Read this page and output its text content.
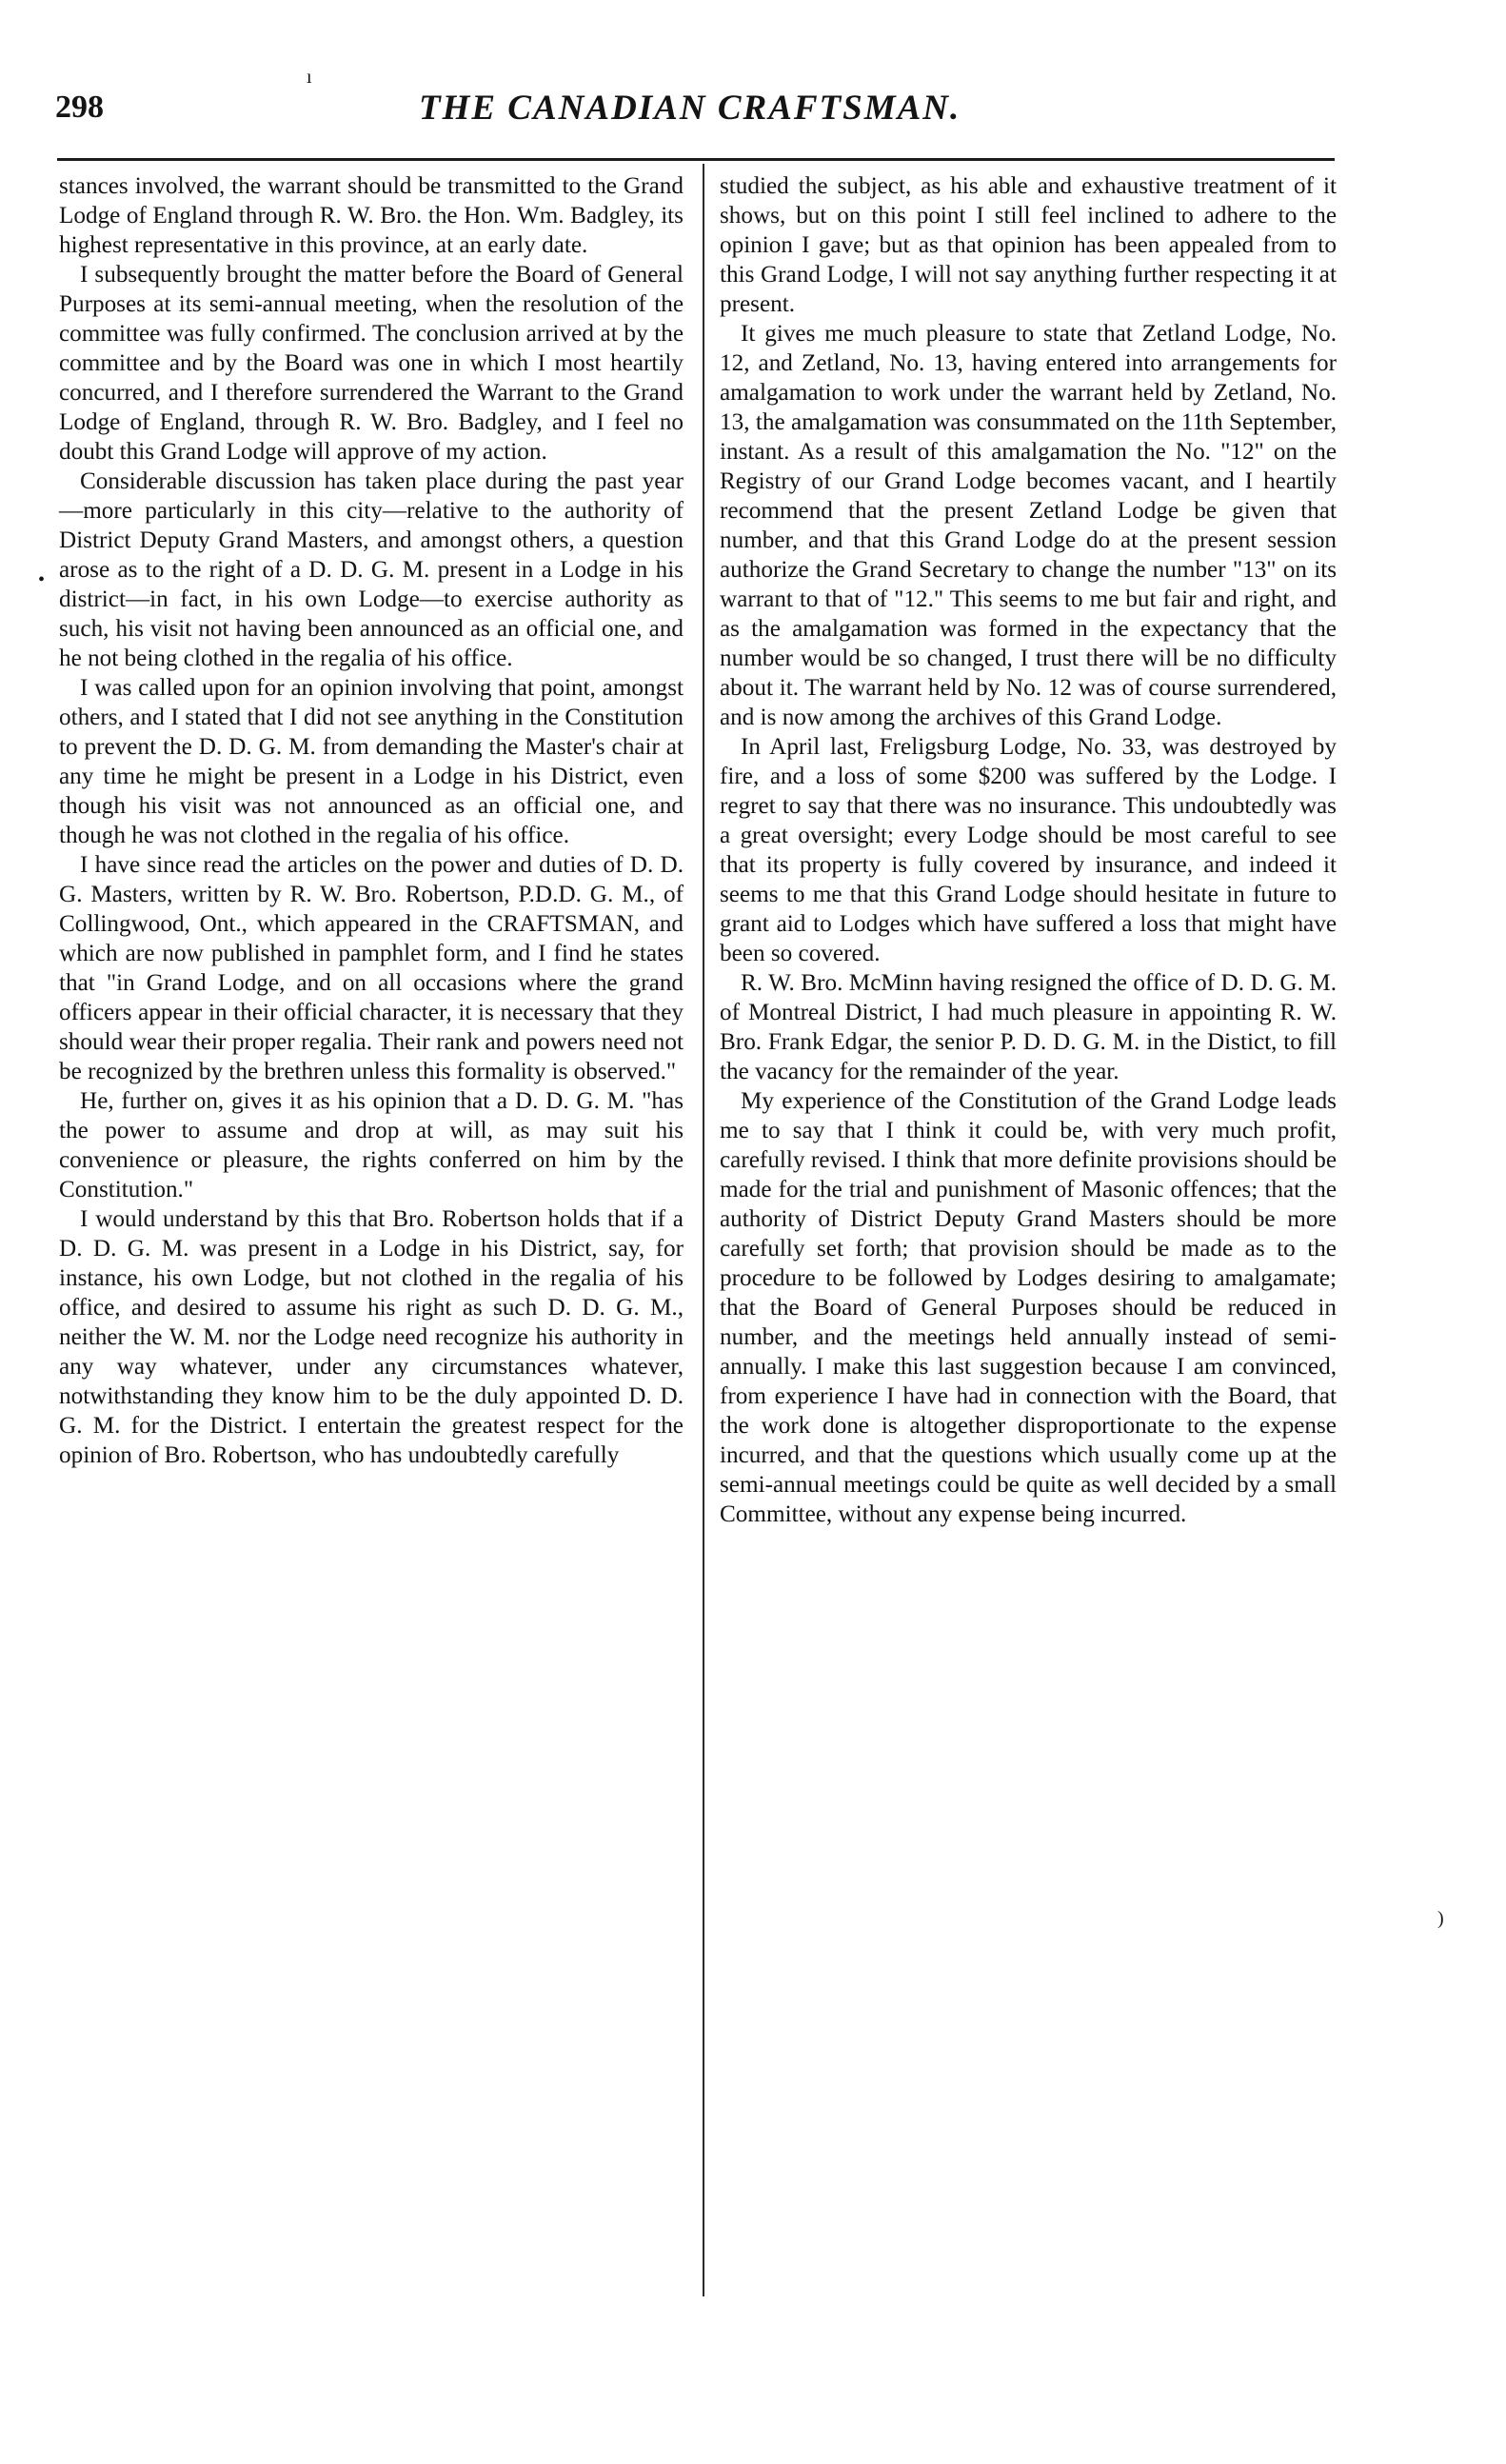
298	THE CANADIAN CRAFTSMAN.
ı
•
)

stances involved, the warrant should be transmitted to the Grand Lodge of England through R. W. Bro. the Hon. Wm. Badgley, its highest representative in this province, at an early date.

I subsequently brought the matter before the Board of General Purposes at its semi-annual meeting, when the resolution of the committee was fully confirmed. The conclusion arrived at by the committee and by the Board was one in which I most heartily concurred, and I therefore surrendered the Warrant to the Grand Lodge of England, through R. W. Bro. Badgley, and I feel no doubt this Grand Lodge will approve of my action.

Considerable discussion has taken place during the past year—more particularly in this city—relative to the authority of District Deputy Grand Masters, and amongst others, a question arose as to the right of a D. D. G. M. present in a Lodge in his district—in fact, in his own Lodge—to exercise authority as such, his visit not having been announced as an official one, and he not being clothed in the regalia of his office.

I was called upon for an opinion involving that point, amongst others, and I stated that I did not see anything in the Constitution to prevent the D. D. G. M. from demanding the Master's chair at any time he might be present in a Lodge in his District, even though his visit was not announced as an official one, and though he was not clothed in the regalia of his office.

I have since read the articles on the power and duties of D. D. G. Masters, written by R. W. Bro. Robertson, P.D.D. G. M., of Collingwood, Ont., which appeared in the CRAFTSMAN, and which are now published in pamphlet form, and I find he states that "in Grand Lodge, and on all occasions where the grand officers appear in their official character, it is necessary that they should wear their proper regalia. Their rank and powers need not be recognized by the brethren unless this formality is observed."

He, further on, gives it as his opinion that a D. D. G. M. "has the power to assume and drop at will, as may suit his convenience or pleasure, the rights conferred on him by the Constitution."

I would understand by this that Bro. Robertson holds that if a D. D. G. M. was present in a Lodge in his District, say, for instance, his own Lodge, but not clothed in the regalia of his office, and desired to assume his right as such D. D. G. M., neither the W. M. nor the Lodge need recognize his authority in any way whatever, under any circumstances whatever, notwithstanding they know him to be the duly appointed D. D. G. M. for the District. I entertain the greatest respect for the opinion of Bro. Robertson, who has undoubtedly carefully

studied the subject, as his able and exhaustive treatment of it shows, but on this point I still feel inclined to adhere to the opinion I gave; but as that opinion has been appealed from to this Grand Lodge, I will not say anything further respecting it at present.

It gives me much pleasure to state that Zetland Lodge, No. 12, and Zetland, No. 13, having entered into arrangements for amalgamation to work under the warrant held by Zetland, No. 13, the amalgamation was consummated on the 11th September, instant. As a result of this amalgamation the No. "12" on the Registry of our Grand Lodge becomes vacant, and I heartily recommend that the present Zetland Lodge be given that number, and that this Grand Lodge do at the present session authorize the Grand Secretary to change the number "13" on its warrant to that of "12." This seems to me but fair and right, and as the amalgamation was formed in the expectancy that the number would be so changed, I trust there will be no difficulty about it. The warrant held by No. 12 was of course surrendered, and is now among the archives of this Grand Lodge.

In April last, Freligsburg Lodge, No. 33, was destroyed by fire, and a loss of some $200 was suffered by the Lodge. I regret to say that there was no insurance. This undoubtedly was a great oversight; every Lodge should be most careful to see that its property is fully covered by insurance, and indeed it seems to me that this Grand Lodge should hesitate in future to grant aid to Lodges which have suffered a loss that might have been so covered.

R. W. Bro. McMinn having resigned the office of D. D. G. M. of Montreal District, I had much pleasure in appointing R. W. Bro. Frank Edgar, the senior P. D. D. G. M. in the Distict, to fill the vacancy for the remainder of the year.

My experience of the Constitution of the Grand Lodge leads me to say that I think it could be, with very much profit, carefully revised. I think that more definite provisions should be made for the trial and punishment of Masonic offences; that the authority of District Deputy Grand Masters should be more carefully set forth; that provision should be made as to the procedure to be followed by Lodges desiring to amalgamate; that the Board of General Purposes should be reduced in number, and the meetings held annually instead of semi-annually. I make this last suggestion because I am convinced, from experience I have had in connection with the Board, that the work done is altogether disproportionate to the expense incurred, and that the questions which usually come up at the semi-annual meetings could be quite as well decided by a small Committee, without any expense being incurred.
